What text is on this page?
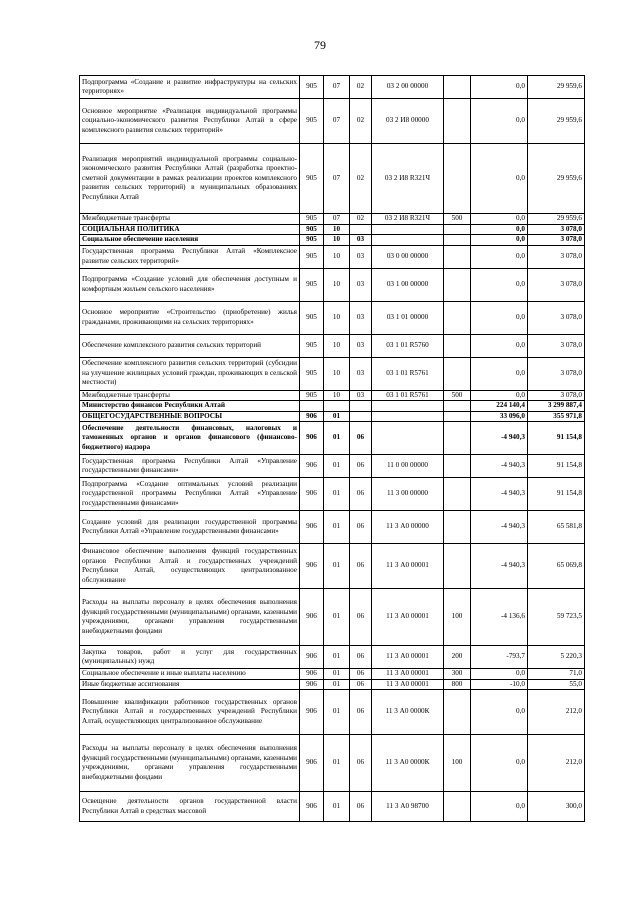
79
Подпрограмма «Создание и развитие инфраструктуры на сельских территориях»	905	07	02	03 2 00 00000		0,0	29 959,6
Основное мероприятие «Реализация индивидуальной программы социально-экономического развития Республики Алтай в сфере комплексного развития сельских территорий»	905	07	02	03 2 И8 00000		0,0	29 959,6
Реализация мероприятий индивидуальной программы социально-экономического развития Республики Алтай (разработка проектно-сметной документации в рамках реализации проектов комплексного развития сельских территорий) в муниципальных образованиях Республики Алтай	905	07	02	03 2 И8 R321Ч		0,0	29 959,6
Межбюджетные трансферты	905	07	02	03 2 И8 R321Ч	500	0,0	29 959,6
СОЦИАЛЬНАЯ ПОЛИТИКА	905	10				0,0	3 078,0
Социальное обеспечение населения	905	10	03			0,0	3 078,0
Государственная программа Республики Алтай «Комплексное развитие сельских территорий»	905	10	03	03 0 00 00000		0,0	3 078,0
Подпрограмма «Создание условий для обеспечения доступным и комфортным жильем сельского населения»	905	10	03	03 1 00 00000		0,0	3 078,0
Основное мероприятие «Строительство (приобретение) жилья гражданами, проживающими на сельских территориях»	905	10	03	03 1 01 00000		0,0	3 078,0
Обеспечение комплексного развития сельских территорий	905	10	03	03 1 01 R5760		0,0	3 078,0
Обеспечение комплексного развития сельских территорий (субсидии на улучшение жилищных условий граждан, проживающих в сельской местности)	905	10	03	03 1 01 R5761		0,0	3 078,0
Межбюджетные трансферты	905	10	03	03 1 01 R5761	500	0,0	3 078,0
Министерство финансов Республики Алтай						224 140,4	3 299 887,4
ОБЩЕГОСУДАРСТВЕННЫЕ ВОПРОСЫ	906	01				33 096,0	355 971,8
Обеспечение деятельности финансовых, налоговых и таможенных органов и органов финансового (финансово-бюджетного) надзора	906	01	06			-4 940,3	91 154,8
Государственная программа Республики Алтай «Управление государственными финансами»	906	01	06	11 0 00 00000		-4 940,3	91 154,8
Подпрограмма «Создание оптимальных условий реализации государственной программы Республики Алтай «Управление государственными финансами»	906	01	06	11 3 00 00000		-4 940,3	91 154,8
Создание условий для реализации государственной программы Республики Алтай «Управление государственными финансами»	906	01	06	11 3 А0 00000		-4 940,3	65 581,8
Финансовое обеспечение выполнения функций государственных органов Республики Алтай и государственных учреждений Республики Алтай, осуществляющих централизованное обслуживание	906	01	06	11 3 А0 00001		-4 940,3	65 069,8
Расходы на выплаты персоналу в целях обеспечения выполнения функций государственными (муниципальными) органами, казенными учреждениями, органами управления государственными внебюджетными фондами	906	01	06	11 3 А0 00001	100	-4 136,6	59 723,5
Закупка товаров, работ и услуг для государственных (муниципальных) нужд	906	01	06	11 3 А0 00001	200	-793,7	5 220,3
Социальное обеспечение и иные выплаты населению	906	01	06	11 3 А0 00001	300	0,0	71,0
Иные бюджетные ассигнования	906	01	06	11 3 А0 00001	800	-10,0	55,0
Повышение квалификации работников государственных органов Республики Алтай и государственных учреждений Республики Алтай, осуществляющих централизованное обслуживание	906	01	06	11 3 А0 0000К		0,0	212,0
Расходы на выплаты персоналу в целях обеспечения выполнения функций государственными (муниципальными) органами, казенными учреждениями, органами управления государственными внебюджетными фондами	906	01	06	11 3 А0 0000К	100	0,0	212,0
Освещение деятельности органов государственной власти Республики Алтай в средствах массовой	906	01	06	11 3 А0 98700		0,0	300,0
